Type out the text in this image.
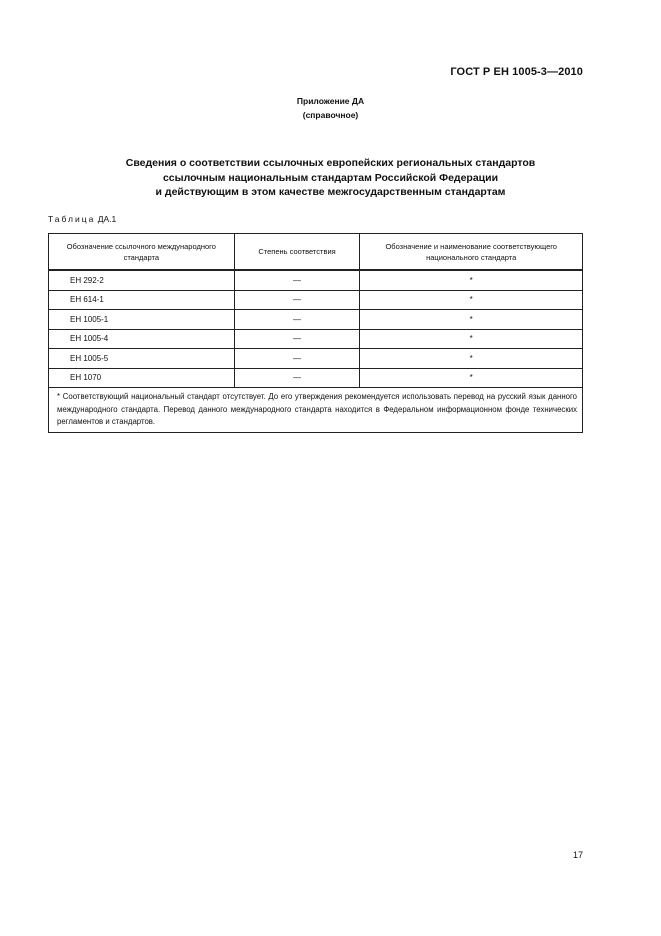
ГОСТ Р ЕН 1005-3—2010
Приложение ДА
(справочное)
Сведения о соответствии ссылочных европейских региональных стандартов
ссылочным национальным стандартам Российской Федерации
и действующим в этом качестве межгосударственным стандартам
Таблица ДА.1
Обозначение ссылочного международного стандарта	Степень соответствия	Обозначение и наименование соответствующего национального стандарта
ЕН 292-2	—	*
ЕН 614-1	—	*
ЕН 1005-1	—	*
ЕН 1005-4	—	*
ЕН 1005-5	—	*
ЕН 1070	—	*
* Соответствующий национальный стандарт отсутствует. До его утверждения рекомендуется использовать перевод на русский язык данного международного стандарта. Перевод данного международного стандарта находится в Федеральном информационном фонде технических регламентов и стандартов.		
17
